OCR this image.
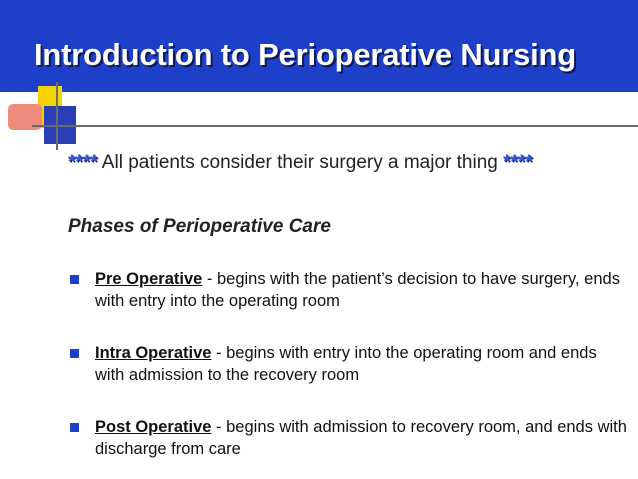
Introduction to Perioperative Nursing
**** All patients consider their surgery a major thing ****
Phases of Perioperative Care
Pre Operative - begins with the patient’s decision to have surgery, ends with entry into the operating room
Intra Operative - begins with entry into the operating room and ends with admission to the recovery room
Post Operative - begins with admission to recovery room, and ends with discharge from care
